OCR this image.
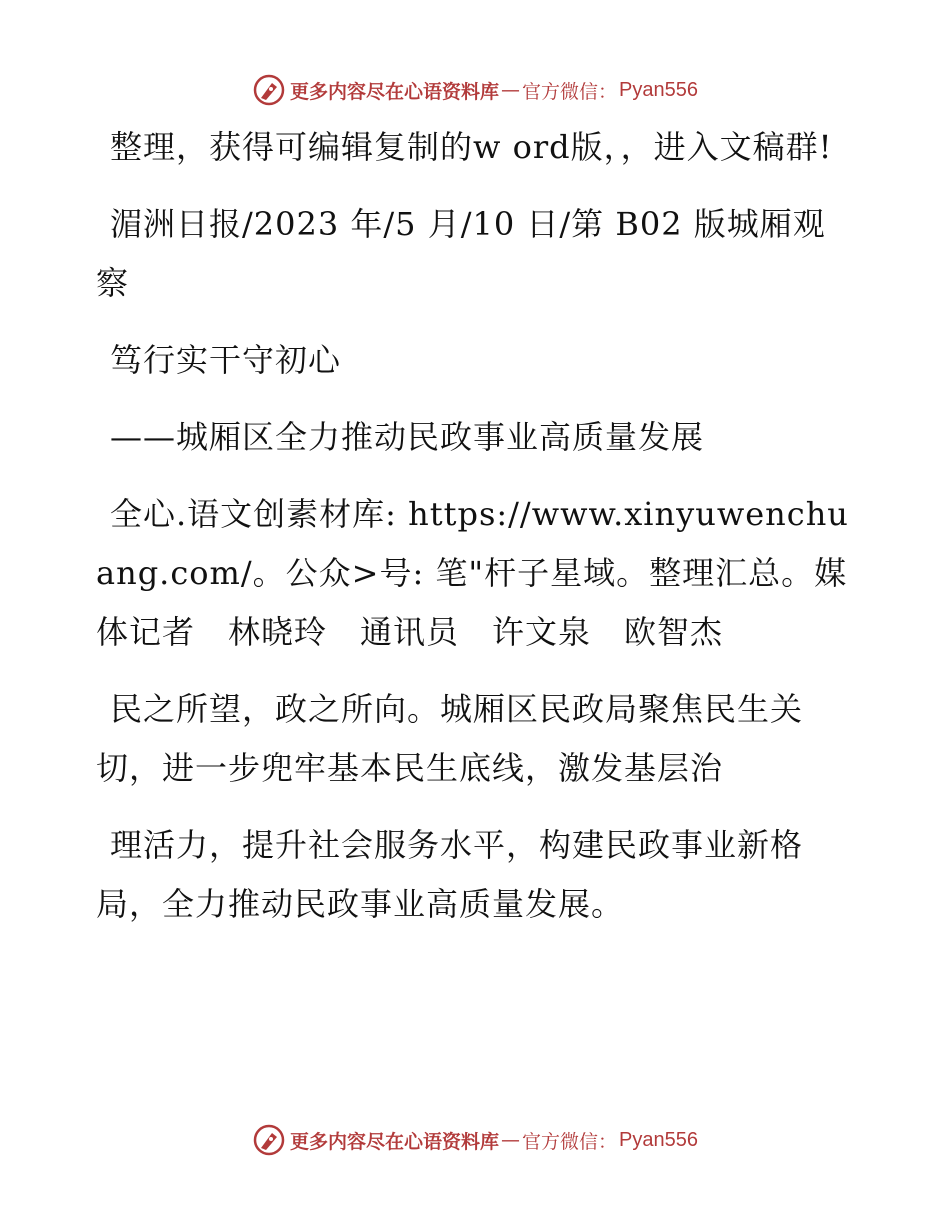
更多内容尽在心语资料库 — 官方微信： Pyan556

整理，获得可编辑复制的w ord版，，进入文稿群!

湄洲日报/2023 年/5 月/10 日/第 B02 版城厢观察

笃行实干守初心

——城厢区全力推动民政事业高质量发展

全心.语文创素材库: https://www.xinyuwenchuang.com/。公众>号: 笔"杆子星域。整理汇总。媒体记者　林晓玲　通讯员　许文泉　欧智杰

民之所望，政之所向。城厢区民政局聚焦民生关切，进一步兜牢基本民生底线，激发基层治

理活力，提升社会服务水平，构建民政事业新格局，全力推动民政事业高质量发展。

更多内容尽在心语资料库 — 官方微信： Pyan556
